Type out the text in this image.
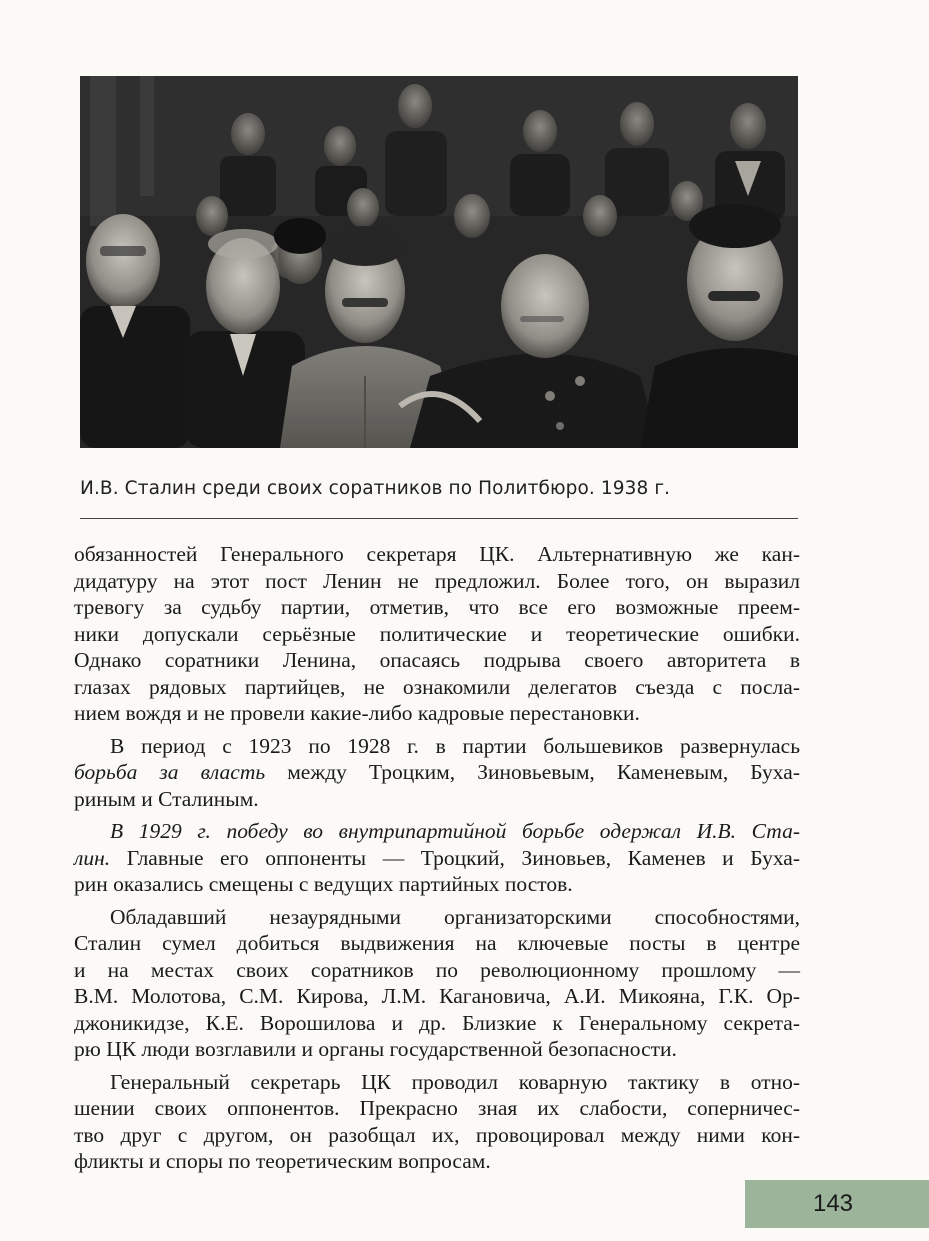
И.В. Сталин среди своих соратников по Политбюро. 1938 г.
обязанностей Генерального секретаря ЦК. Альтернативную же кан-
дидатуру на этот пост Ленин не предложил. Более того, он выразил
тревогу за судьбу партии, отметив, что все его возможные преем-
ники допускали серьёзные политические и теоретические ошибки.
Однако соратники Ленина, опасаясь подрыва своего авторитета в
глазах рядовых партийцев, не ознакомили делегатов съезда с посла-
нием вождя и не провели какие-либо кадровые перестановки.
В период с 1923 по 1928 г. в партии большевиков развернулась
борьба за власть между Троцким, Зиновьевым, Каменевым, Буха-
риным и Сталиным.
В 1929 г. победу во внутрипартийной борьбе одержал И.В. Ста-
лин. Главные его оппоненты — Троцкий, Зиновьев, Каменев и Буха-
рин оказались смещены с ведущих партийных постов.
Обладавший незаурядными организаторскими способностями,
Сталин сумел добиться выдвижения на ключевые посты в центре
и на местах своих соратников по революционному прошлому —
В.М. Молотова, С.М. Кирова, Л.М. Кагановича, А.И. Микояна, Г.К. Ор-
джоникидзе, К.Е. Ворошилова и др. Близкие к Генеральному секрета-
рю ЦК люди возглавили и органы государственной безопасности.
Генеральный секретарь ЦК проводил коварную тактику в отно-
шении своих оппонентов. Прекрасно зная их слабости, соперничес-
тво друг с другом, он разобщал их, провоцировал между ними кон-
фликты и споры по теоретическим вопросам.
143
